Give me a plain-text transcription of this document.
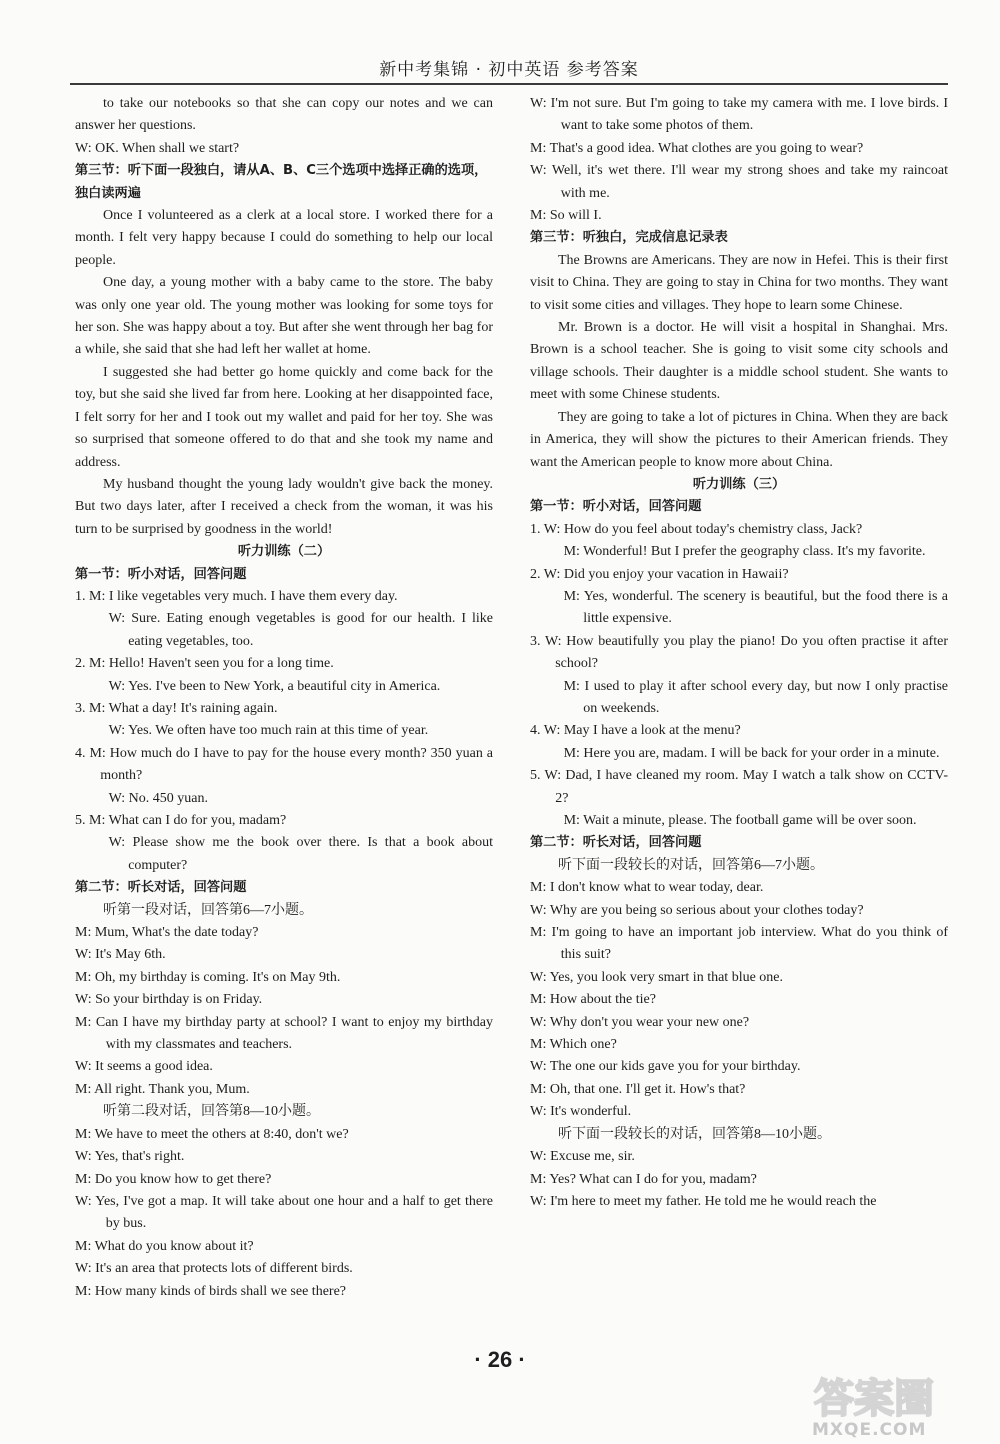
新中考集锦 · 初中英语 参考答案

to take our notebooks so that she can copy our notes and we can answer her questions.

W: OK. When shall we start?

第三节：听下面一段独白，请从A、B、C三个选项中选择正确的选项，独白读两遍

Once I volunteered as a clerk at a local store. I worked there for a month. I felt very happy because I could do something to help our local people.

One day, a young mother with a baby came to the store. The baby was only one year old. The young mother was looking for some toys for her son. She was happy about a toy. But after she went through her bag for a while, she said that she had left her wallet at home.

I suggested she had better go home quickly and come back for the toy, but she said she lived far from here. Looking at her disappointed face, I felt sorry for her and I took out my wallet and paid for her toy. She was so surprised that someone offered to do that and she took my name and address.

My husband thought the young lady wouldn't give back the money. But two days later, after I received a check from the woman, it was his turn to be surprised by goodness in the world!

听力训练（二）

第一节：听小对话，回答问题

1. M: I like vegetables very much. I have them every day.

W: Sure. Eating enough vegetables is good for our health. I like eating vegetables, too.

2. M: Hello! Haven't seen you for a long time.

W: Yes. I've been to New York, a beautiful city in America.

3. M: What a day! It's raining again.

W: Yes. We often have too much rain at this time of year.

4. M: How much do I have to pay for the house every month? 350 yuan a month?

W: No. 450 yuan.

5. M: What can I do for you, madam?

W: Please show me the book over there. Is that a book about computer?

第二节：听长对话，回答问题

听第一段对话，回答第6—7小题。

M: Mum, What's the date today?

W: It's May 6th.

M: Oh, my birthday is coming. It's on May 9th.

W: So your birthday is on Friday.

M: Can I have my birthday party at school? I want to enjoy my birthday with my classmates and teachers.

W: It seems a good idea.

M: All right. Thank you, Mum.

听第二段对话，回答第8—10小题。

M: We have to meet the others at 8:40, don't we?

W: Yes, that's right.

M: Do you know how to get there?

W: Yes, I've got a map. It will take about one hour and a half to get there by bus.

M: What do you know about it?

W: It's an area that protects lots of different birds.

M: How many kinds of birds shall we see there?

W: I'm not sure. But I'm going to take my camera with me. I love birds. I want to take some photos of them.

M: That's a good idea. What clothes are you going to wear?

W: Well, it's wet there. I'll wear my strong shoes and take my raincoat with me.

M: So will I.

第三节：听独白，完成信息记录表

The Browns are Americans. They are now in Hefei. This is their first visit to China. They are going to stay in China for two months. They want to visit some cities and villages. They hope to learn some Chinese.

Mr. Brown is a doctor. He will visit a hospital in Shanghai. Mrs. Brown is a school teacher. She is going to visit some city schools and village schools. Their daughter is a middle school student. She wants to meet with some Chinese students.

They are going to take a lot of pictures in China. When they are back in America, they will show the pictures to their American friends. They want the American people to know more about China.

听力训练（三）

第一节：听小对话，回答问题

1. W: How do you feel about today's chemistry class, Jack?

M: Wonderful! But I prefer the geography class. It's my favorite.

2. W: Did you enjoy your vacation in Hawaii?

M: Yes, wonderful. The scenery is beautiful, but the food there is a little expensive.

3. W: How beautifully you play the piano! Do you often practise it after school?

M: I used to play it after school every day, but now I only practise on weekends.

4. W: May I have a look at the menu?

M: Here you are, madam. I will be back for your order in a minute.

5. W: Dad, I have cleaned my room. May I watch a talk show on CCTV-2?

M: Wait a minute, please. The football game will be over soon.

第二节：听长对话，回答问题

听下面一段较长的对话，回答第6—7小题。

M: I don't know what to wear today, dear.

W: Why are you being so serious about your clothes today?

M: I'm going to have an important job interview. What do you think of this suit?

W: Yes, you look very smart in that blue one.

M: How about the tie?

W: Why don't you wear your new one?

M: Which one?

W: The one our kids gave you for your birthday.

M: Oh, that one. I'll get it. How's that?

W: It's wonderful.

听下面一段较长的对话，回答第8—10小题。

W: Excuse me, sir.

M: Yes? What can I do for you, madam?

W: I'm here to meet my father. He told me he would reach the

· 26 ·
答案圈
MXQE.COM
